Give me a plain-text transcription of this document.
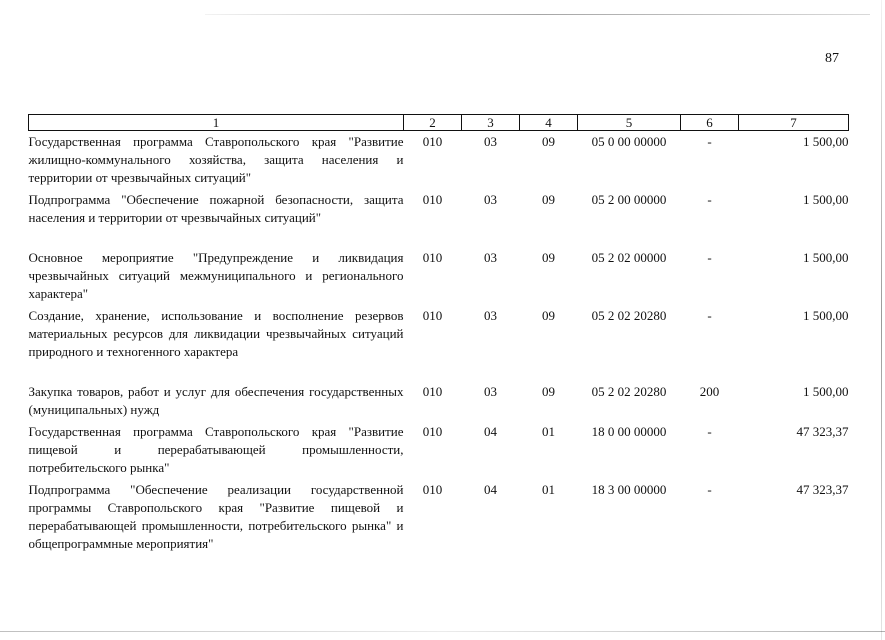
87
1	2	3	4	5	6	7
Государственная программа Ставропольского края "Развитие жилищно-коммунального хозяйства, защита населения и территории от чрезвычайных ситуаций"	010	03	09	05 0 00 00000	-	1 500,00
Подпрограмма "Обеспечение пожарной безопасности, защита населения и территории от чрезвычайных ситуаций"	010	03	09	05 2 00 00000	-	1 500,00
Основное мероприятие "Предупреждение и ликвидация чрезвычайных ситуаций межмуниципального и регионального характера"	010	03	09	05 2 02 00000	-	1 500,00
Создание, хранение, использование и восполнение резервов материальных ресурсов для ликвидации чрезвычайных ситуаций природного и техногенного характера	010	03	09	05 2 02 20280	-	1 500,00
Закупка товаров, работ и услуг для обеспечения государственных (муниципальных) нужд	010	03	09	05 2 02 20280	200	1 500,00
Государственная программа Ставропольского края "Развитие пищевой и перерабатывающей промышленности, потребительского рынка"	010	04	01	18 0 00 00000	-	47 323,37
Подпрограмма "Обеспечение реализации государственной программы Ставропольского края "Развитие пищевой и перерабатывающей промышленности, потребительского рынка" и общепрограммные мероприятия"	010	04	01	18 3 00 00000	-	47 323,37
